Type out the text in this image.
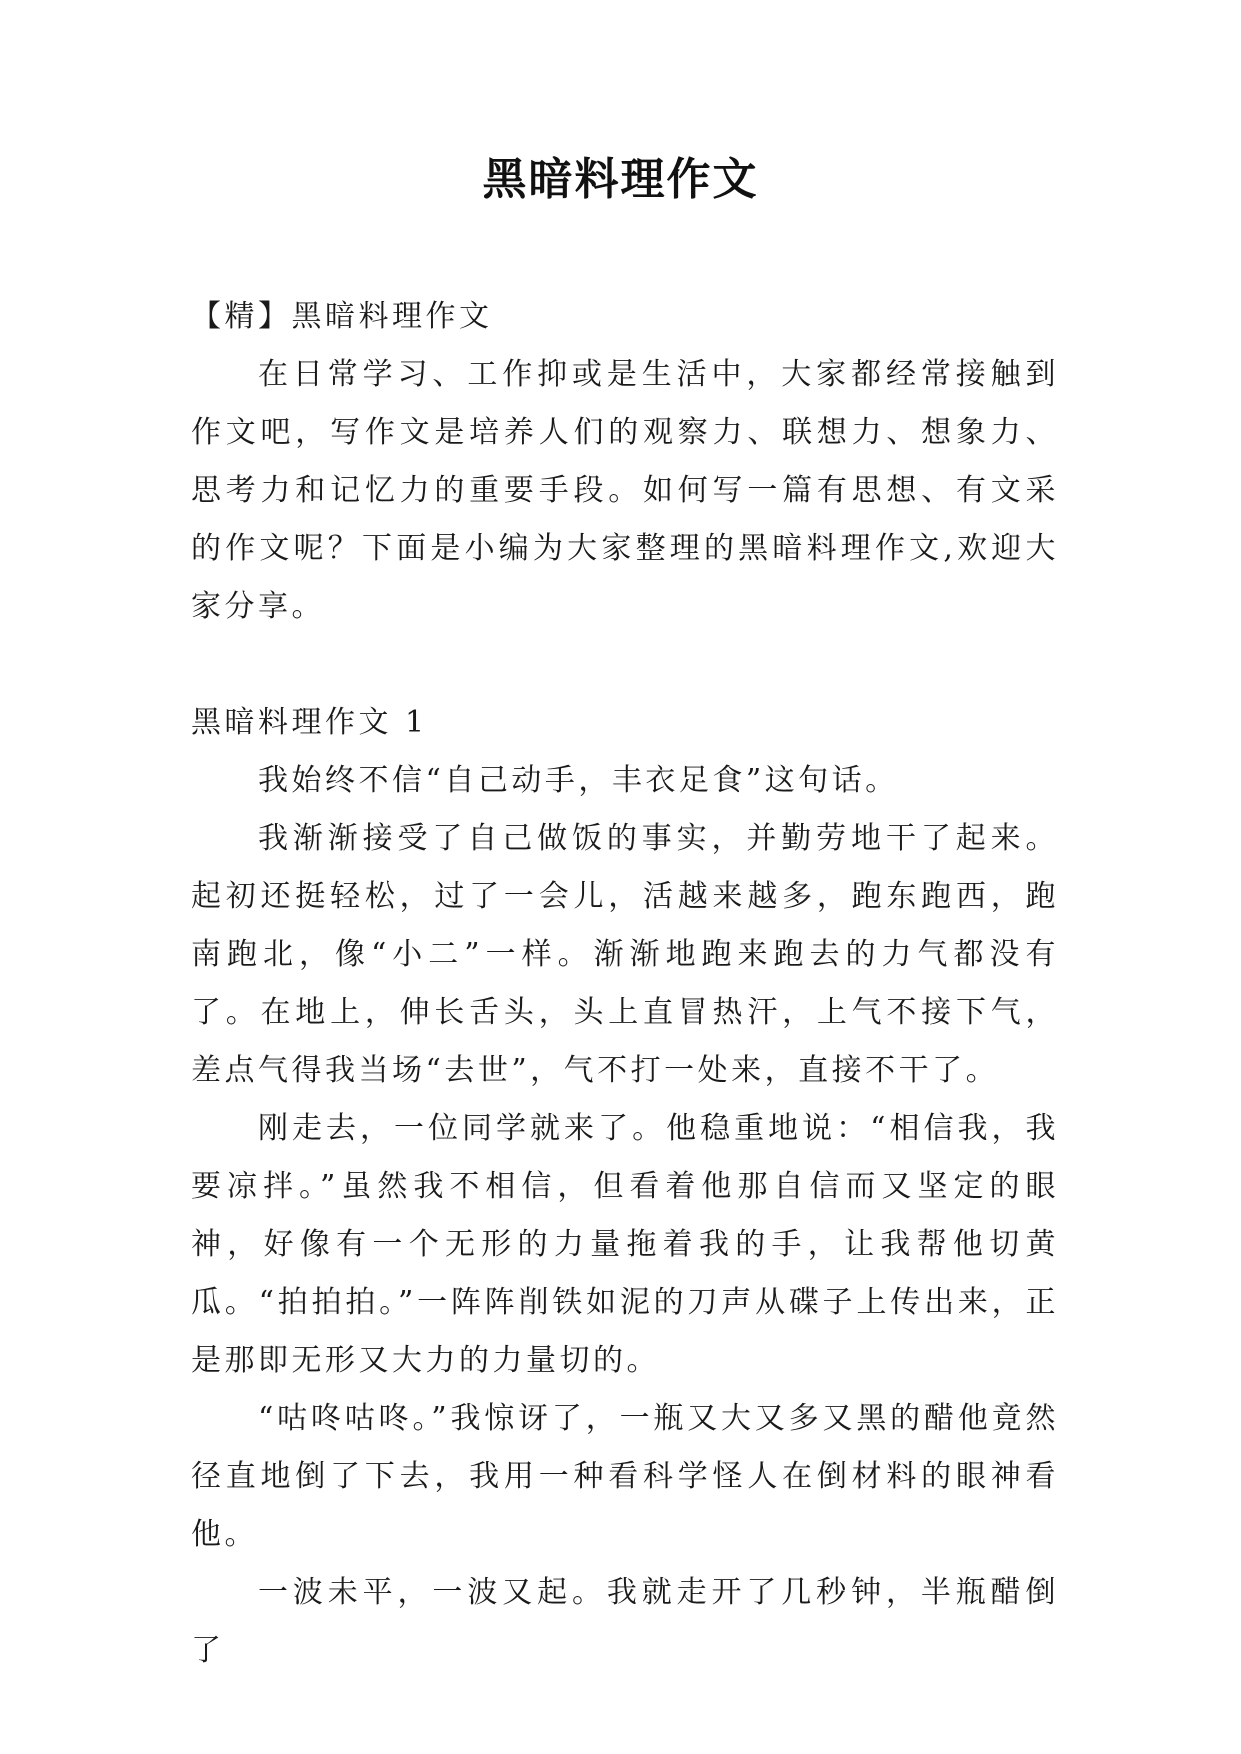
黑暗料理作文

【精】黑暗料理作文

在日常学习、工作抑或是生活中，大家都经常接触到作文吧，写作文是培养人们的观察力、联想力、想象力、思考力和记忆力的重要手段。如何写一篇有思想、有文采的作文呢？下面是小编为大家整理的黑暗料理作文,欢迎大家分享。

黑暗料理作文 1

我始终不信“自己动手，丰衣足食”这句话。

我渐渐接受了自己做饭的事实，并勤劳地干了起来。起初还挺轻松，过了一会儿，活越来越多，跑东跑西，跑南跑北，像“小二”一样。渐渐地跑来跑去的力气都没有了。在地上，伸长舌头，头上直冒热汗，上气不接下气，差点气得我当场“去世”，气不打一处来，直接不干了。

刚走去，一位同学就来了。他稳重地说：“相信我，我要凉拌。”虽然我不相信，但看着他那自信而又坚定的眼神，好像有一个无形的力量拖着我的手，让我帮他切黄瓜。“拍拍拍。”一阵阵削铁如泥的刀声从碟子上传出来，正是那即无形又大力的力量切的。

“咕咚咕咚。”我惊讶了，一瓶又大又多又黑的醋他竟然径直地倒了下去，我用一种看科学怪人在倒材料的眼神看他。

一波未平，一波又起。我就走开了几秒钟，半瓶醋倒了
